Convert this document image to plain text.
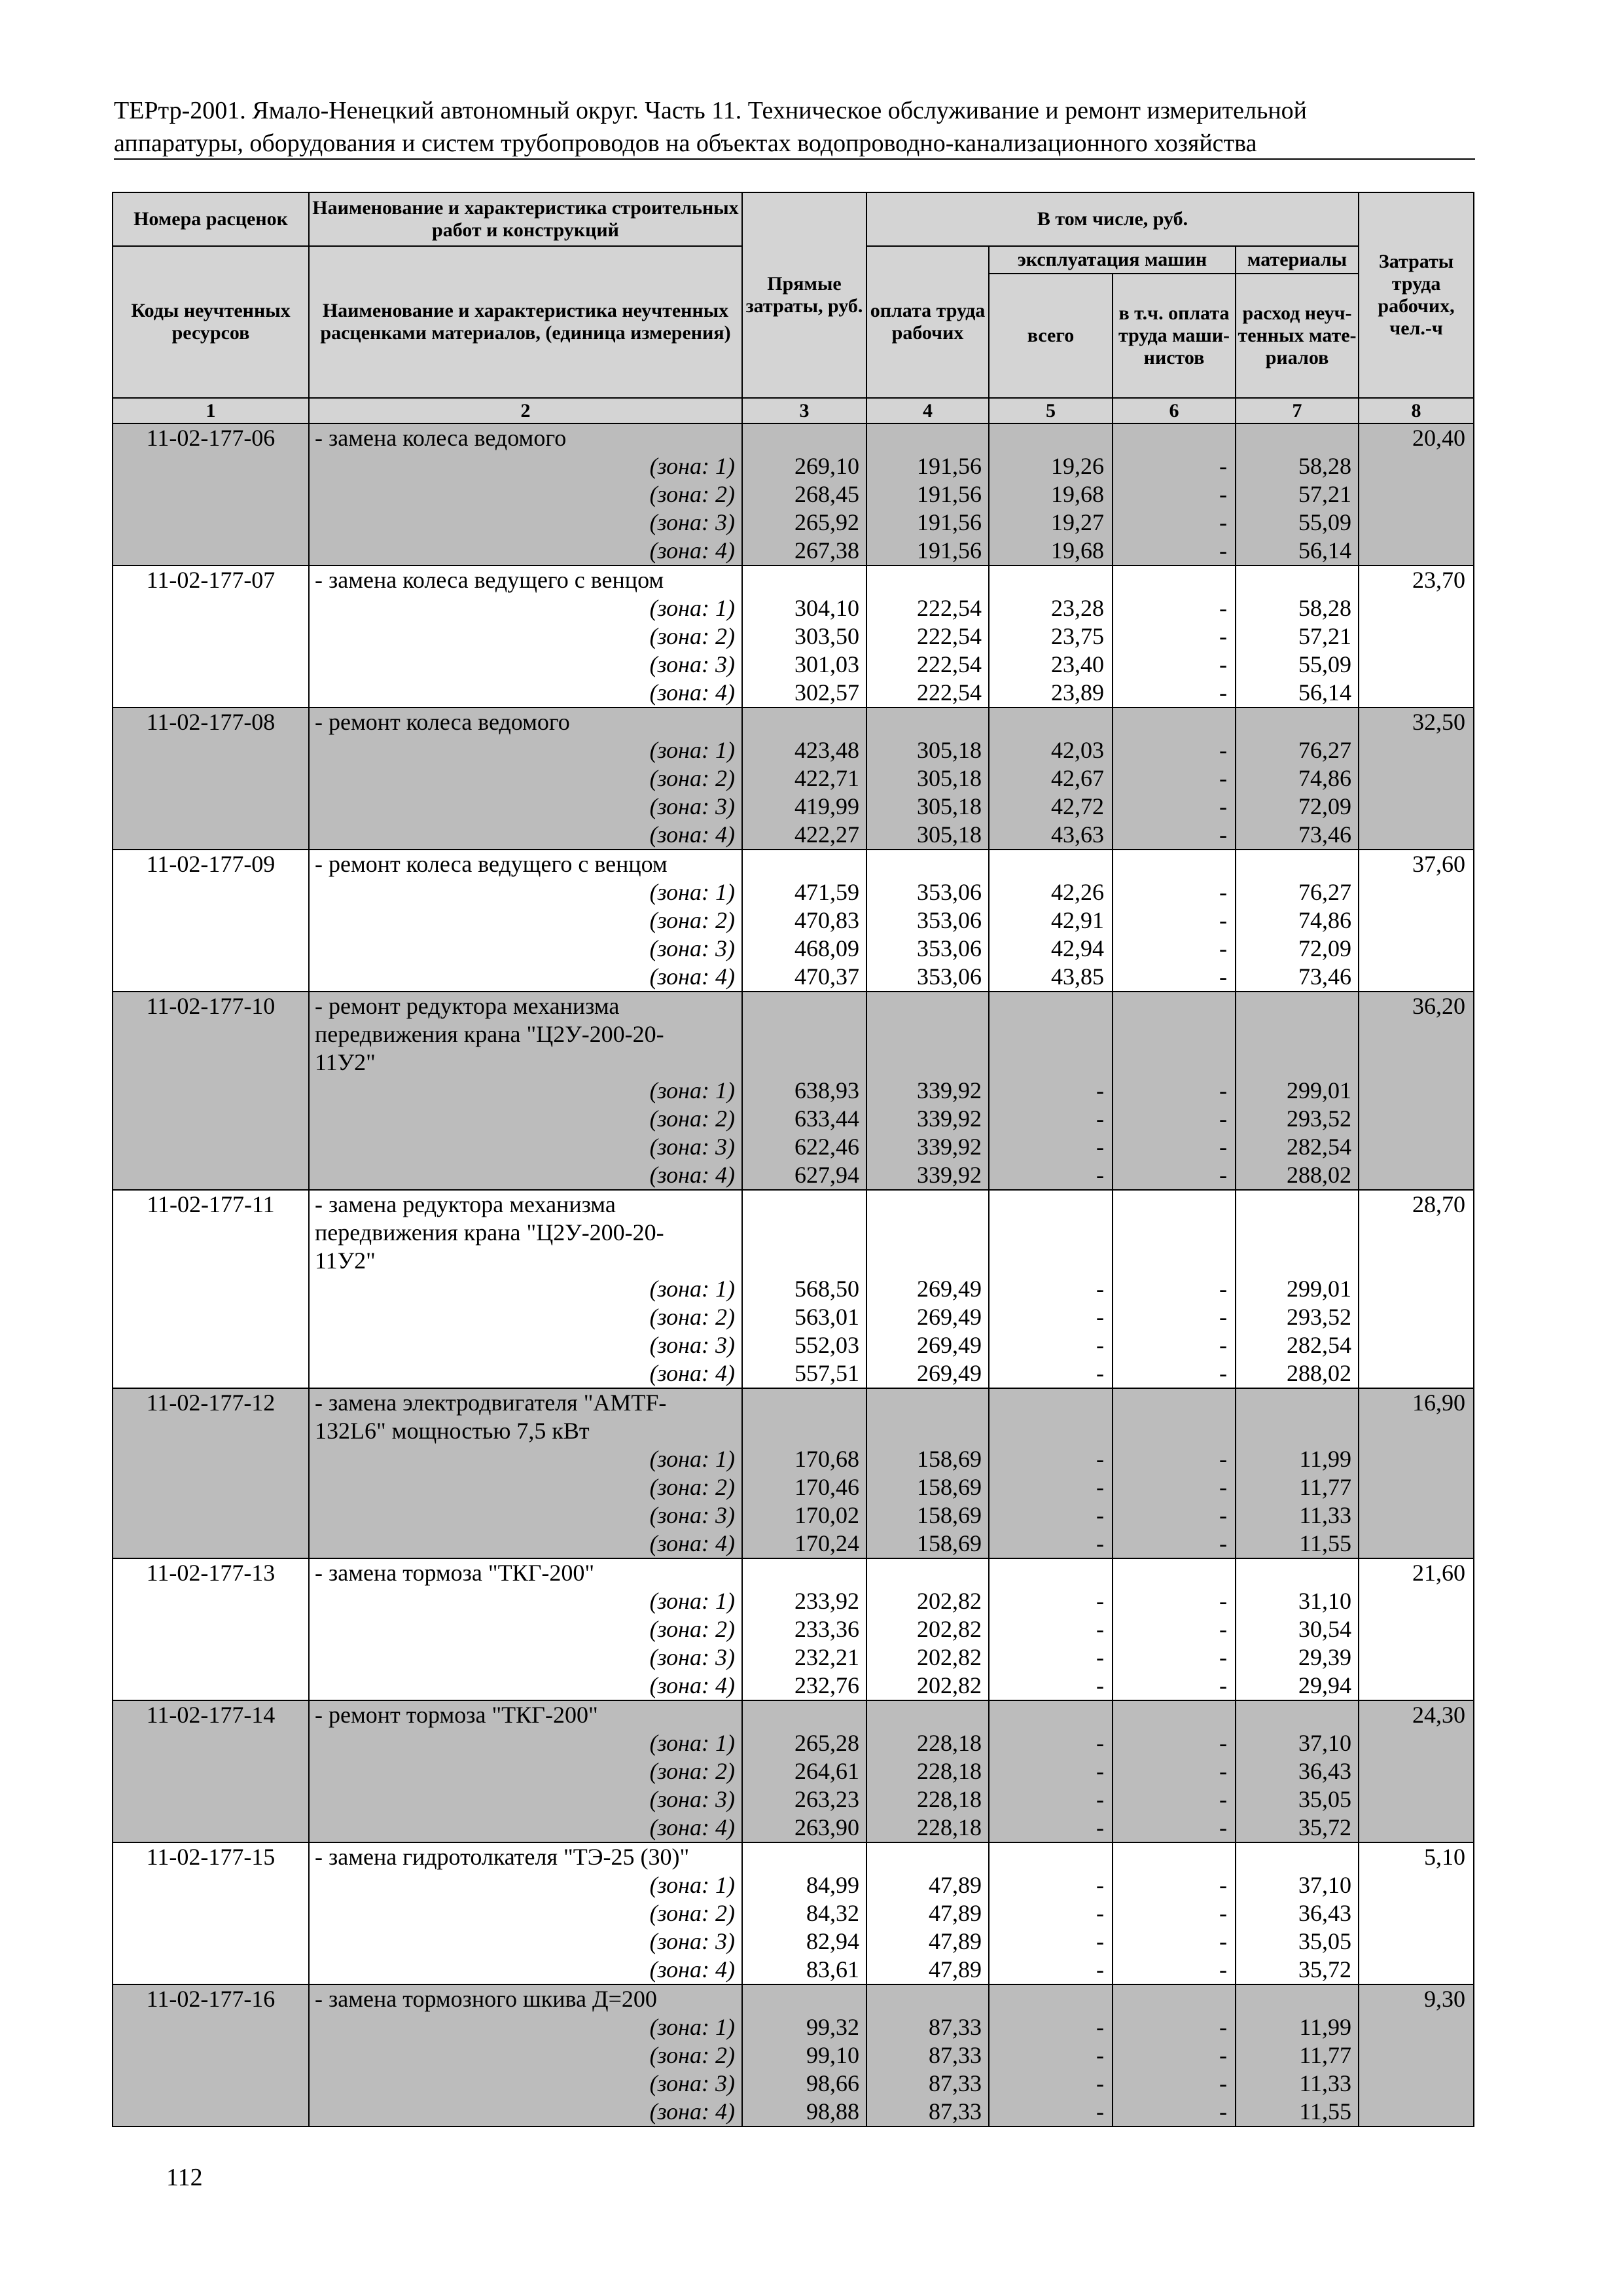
ТЕРтр-2001. Ямало-Ненецкий автономный округ. Часть 11. Техническое обслуживание и ремонт измерительной
аппаратуры, оборудования и систем трубопроводов на объектах водопроводно-канализационного хозяйства
Номера расценок	Наименование и характеристика строительных работ и конструкций	Прямые затраты, руб.	В том числе, руб.				Затраты труда рабочих, чел.-ч
Коды неучтенных ресурсов	Наименование и характеристика неучтенных расценками материалов, (единица измерения)		оплата труда рабочих	эксплуатация машин		материалы	
				всего	в т.ч. оплата труда маши-нистов	расход неуч-тенных мате-риалов	
1	2	3	4	5	6	7	8
11-02-177-06	- замена колеса ведомого						20,40
	(зона: 1)	269,10	191,56	19,26	-	58,28	
	(зона: 2)	268,45	191,56	19,68	-	57,21	
	(зона: 3)	265,92	191,56	19,27	-	55,09	
	(зона: 4)	267,38	191,56	19,68	-	56,14	
11-02-177-07	- замена колеса ведущего с венцом						23,70
	(зона: 1)	304,10	222,54	23,28	-	58,28	
	(зона: 2)	303,50	222,54	23,75	-	57,21	
	(зона: 3)	301,03	222,54	23,40	-	55,09	
	(зона: 4)	302,57	222,54	23,89	-	56,14	
11-02-177-08	- ремонт колеса ведомого						32,50
	(зона: 1)	423,48	305,18	42,03	-	76,27	
	(зона: 2)	422,71	305,18	42,67	-	74,86	
	(зона: 3)	419,99	305,18	42,72	-	72,09	
	(зона: 4)	422,27	305,18	43,63	-	73,46	
11-02-177-09	- ремонт колеса ведущего с венцом						37,60
	(зона: 1)	471,59	353,06	42,26	-	76,27	
	(зона: 2)	470,83	353,06	42,91	-	74,86	
	(зона: 3)	468,09	353,06	42,94	-	72,09	
	(зона: 4)	470,37	353,06	43,85	-	73,46	
11-02-177-10	- ремонт редуктора механизма						36,20
	передвижения крана "Ц2У-200-20-						
	11У2"						
	(зона: 1)	638,93	339,92	-	-	299,01	
	(зона: 2)	633,44	339,92	-	-	293,52	
	(зона: 3)	622,46	339,92	-	-	282,54	
	(зона: 4)	627,94	339,92	-	-	288,02	
11-02-177-11	- замена редуктора механизма						28,70
	передвижения крана "Ц2У-200-20-						
	11У2"						
	(зона: 1)	568,50	269,49	-	-	299,01	
	(зона: 2)	563,01	269,49	-	-	293,52	
	(зона: 3)	552,03	269,49	-	-	282,54	
	(зона: 4)	557,51	269,49	-	-	288,02	
11-02-177-12	- замена электродвигателя "AMTF-						16,90
	132L6" мощностью 7,5 кВт						
	(зона: 1)	170,68	158,69	-	-	11,99	
	(зона: 2)	170,46	158,69	-	-	11,77	
	(зона: 3)	170,02	158,69	-	-	11,33	
	(зона: 4)	170,24	158,69	-	-	11,55	
11-02-177-13	- замена тормоза "ТКГ-200"						21,60
	(зона: 1)	233,92	202,82	-	-	31,10	
	(зона: 2)	233,36	202,82	-	-	30,54	
	(зона: 3)	232,21	202,82	-	-	29,39	
	(зона: 4)	232,76	202,82	-	-	29,94	
11-02-177-14	- ремонт тормоза "ТКГ-200"						24,30
	(зона: 1)	265,28	228,18	-	-	37,10	
	(зона: 2)	264,61	228,18	-	-	36,43	
	(зона: 3)	263,23	228,18	-	-	35,05	
	(зона: 4)	263,90	228,18	-	-	35,72	
11-02-177-15	- замена гидротолкателя "ТЭ-25 (30)"						5,10
	(зона: 1)	84,99	47,89	-	-	37,10	
	(зона: 2)	84,32	47,89	-	-	36,43	
	(зона: 3)	82,94	47,89	-	-	35,05	
	(зона: 4)	83,61	47,89	-	-	35,72	
11-02-177-16	- замена тормозного шкива Д=200						9,30
	(зона: 1)	99,32	87,33	-	-	11,99	
	(зона: 2)	99,10	87,33	-	-	11,77	
	(зона: 3)	98,66	87,33	-	-	11,33	
	(зона: 4)	98,88	87,33	-	-	11,55	
112
